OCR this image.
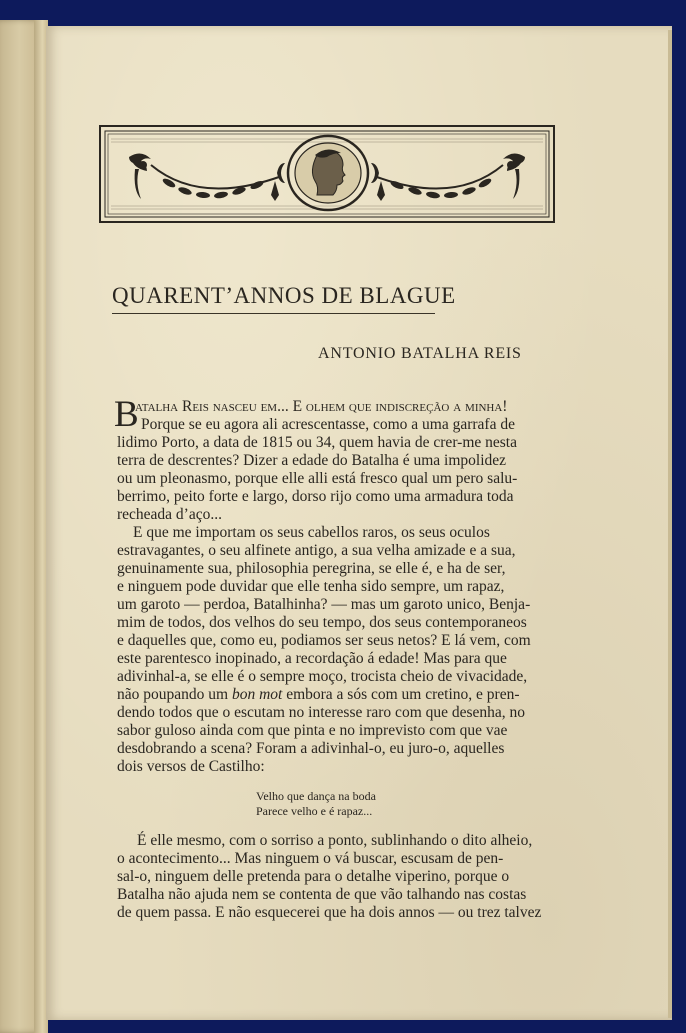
QUARENT’ANNOS DE BLAGUE
ANTONIO BATALHA REIS
B
atalha Reis nasceu em... E olhem que indiscreção a minha!
Porque se eu agora ali acrescentasse, como a uma garrafa de
lidimo Porto, a data de 1815 ou 34, quem havia de crer-me nesta
terra de descrentes? Dizer a edade do Batalha é uma impolidez
ou um pleonasmo, porque elle alli está fresco qual um pero salu-
berrimo, peito forte e largo, dorso rijo como uma armadura toda
recheada d’aço...
E que me importam os seus cabellos raros, os seus oculos
estravagantes, o seu alfinete antigo, a sua velha amizade e a sua,
genuinamente sua, philosophia peregrina, se elle é, e ha de ser,
e ninguem pode duvidar que elle tenha sido sempre, um rapaz,
um garoto — perdoa, Batalhinha? — mas um garoto unico, Benja-
mim de todos, dos velhos do seu tempo, dos seus contemporaneos
e daquelles que, como eu, podiamos ser seus netos? E lá vem, com
este parentesco inopinado, a recordação á edade! Mas para que
adivinhal-a, se elle é o sempre moço, trocista cheio de vivacidade,
não poupando um bon mot embora a sós com um cretino, e pren-
dendo todos que o escutam no interesse raro com que desenha, no
sabor guloso ainda com que pinta e no imprevisto com que vae
desdobrando a scena? Foram a adivinhal-o, eu juro-o, aquelles
dois versos de Castilho:
Velho que dança na boda
Parece velho e é rapaz...
É elle mesmo, com o sorriso a ponto, sublinhando o dito alheio,
o acontecimento... Mas ninguem o vá buscar, escusam de pen-
sal-o, ninguem delle pretenda para o detalhe viperino, porque o
Batalha não ajuda nem se contenta de que vão talhando nas costas
de quem passa. E não esquecerei que ha dois annos — ou trez talvez
